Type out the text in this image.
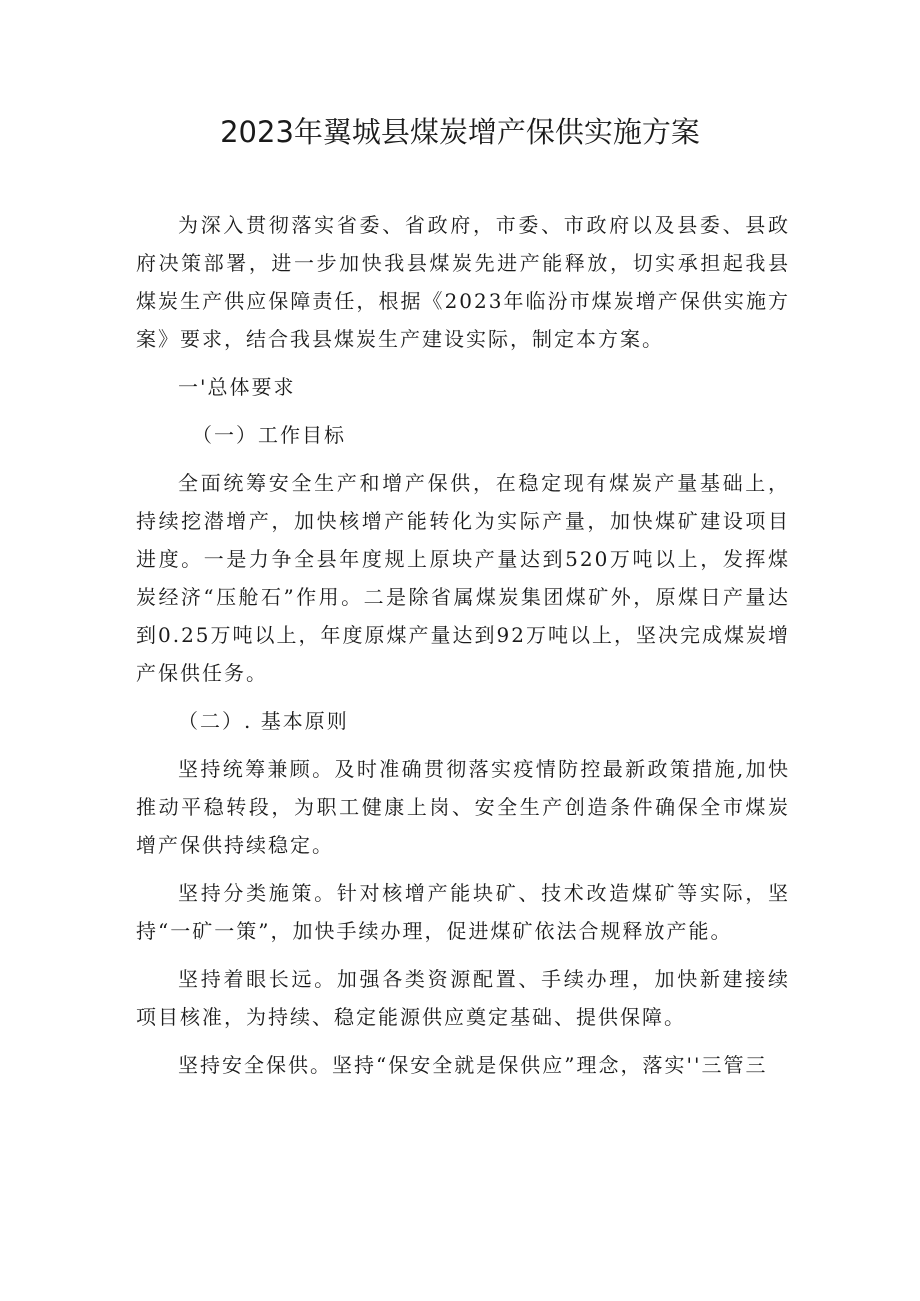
2023年翼城县煤炭增产保供实施方案

为深入贯彻落实省委、省政府，市委、市政府以及县委、县政府决策部署，进一步加快我县煤炭先进产能释放，切实承担起我县煤炭生产供应保障责任，根据《2023年临汾市煤炭增产保供实施方案》要求，结合我县煤炭生产建设实际，制定本方案。

一'总体要求

（一）工作目标

全面统筹安全生产和增产保供，在稳定现有煤炭产量基础上，持续挖潜增产，加快核增产能转化为实际产量，加快煤矿建设项目进度。一是力争全县年度规上原块产量达到520万吨以上，发挥煤炭经济“压舱石”作用。二是除省属煤炭集团煤矿外，原煤日产量达到0.25万吨以上，年度原煤产量达到92万吨以上，坚决完成煤炭增产保供任务。

（二）. 基本原则

坚持统筹兼顾。及时准确贯彻落实疫情防控最新政策措施,加快推动平稳转段，为职工健康上岗、安全生产创造条件确保全市煤炭增产保供持续稳定。

坚持分类施策。针对核增产能块矿、技术改造煤矿等实际，坚持“一矿一策”，加快手续办理，促进煤矿依法合规释放产能。

坚持着眼长远。加强各类资源配置、手续办理，加快新建接续项目核准，为持续、稳定能源供应奠定基础、提供保障。

坚持安全保供。坚持“保安全就是保供应”理念，落实''三管三
